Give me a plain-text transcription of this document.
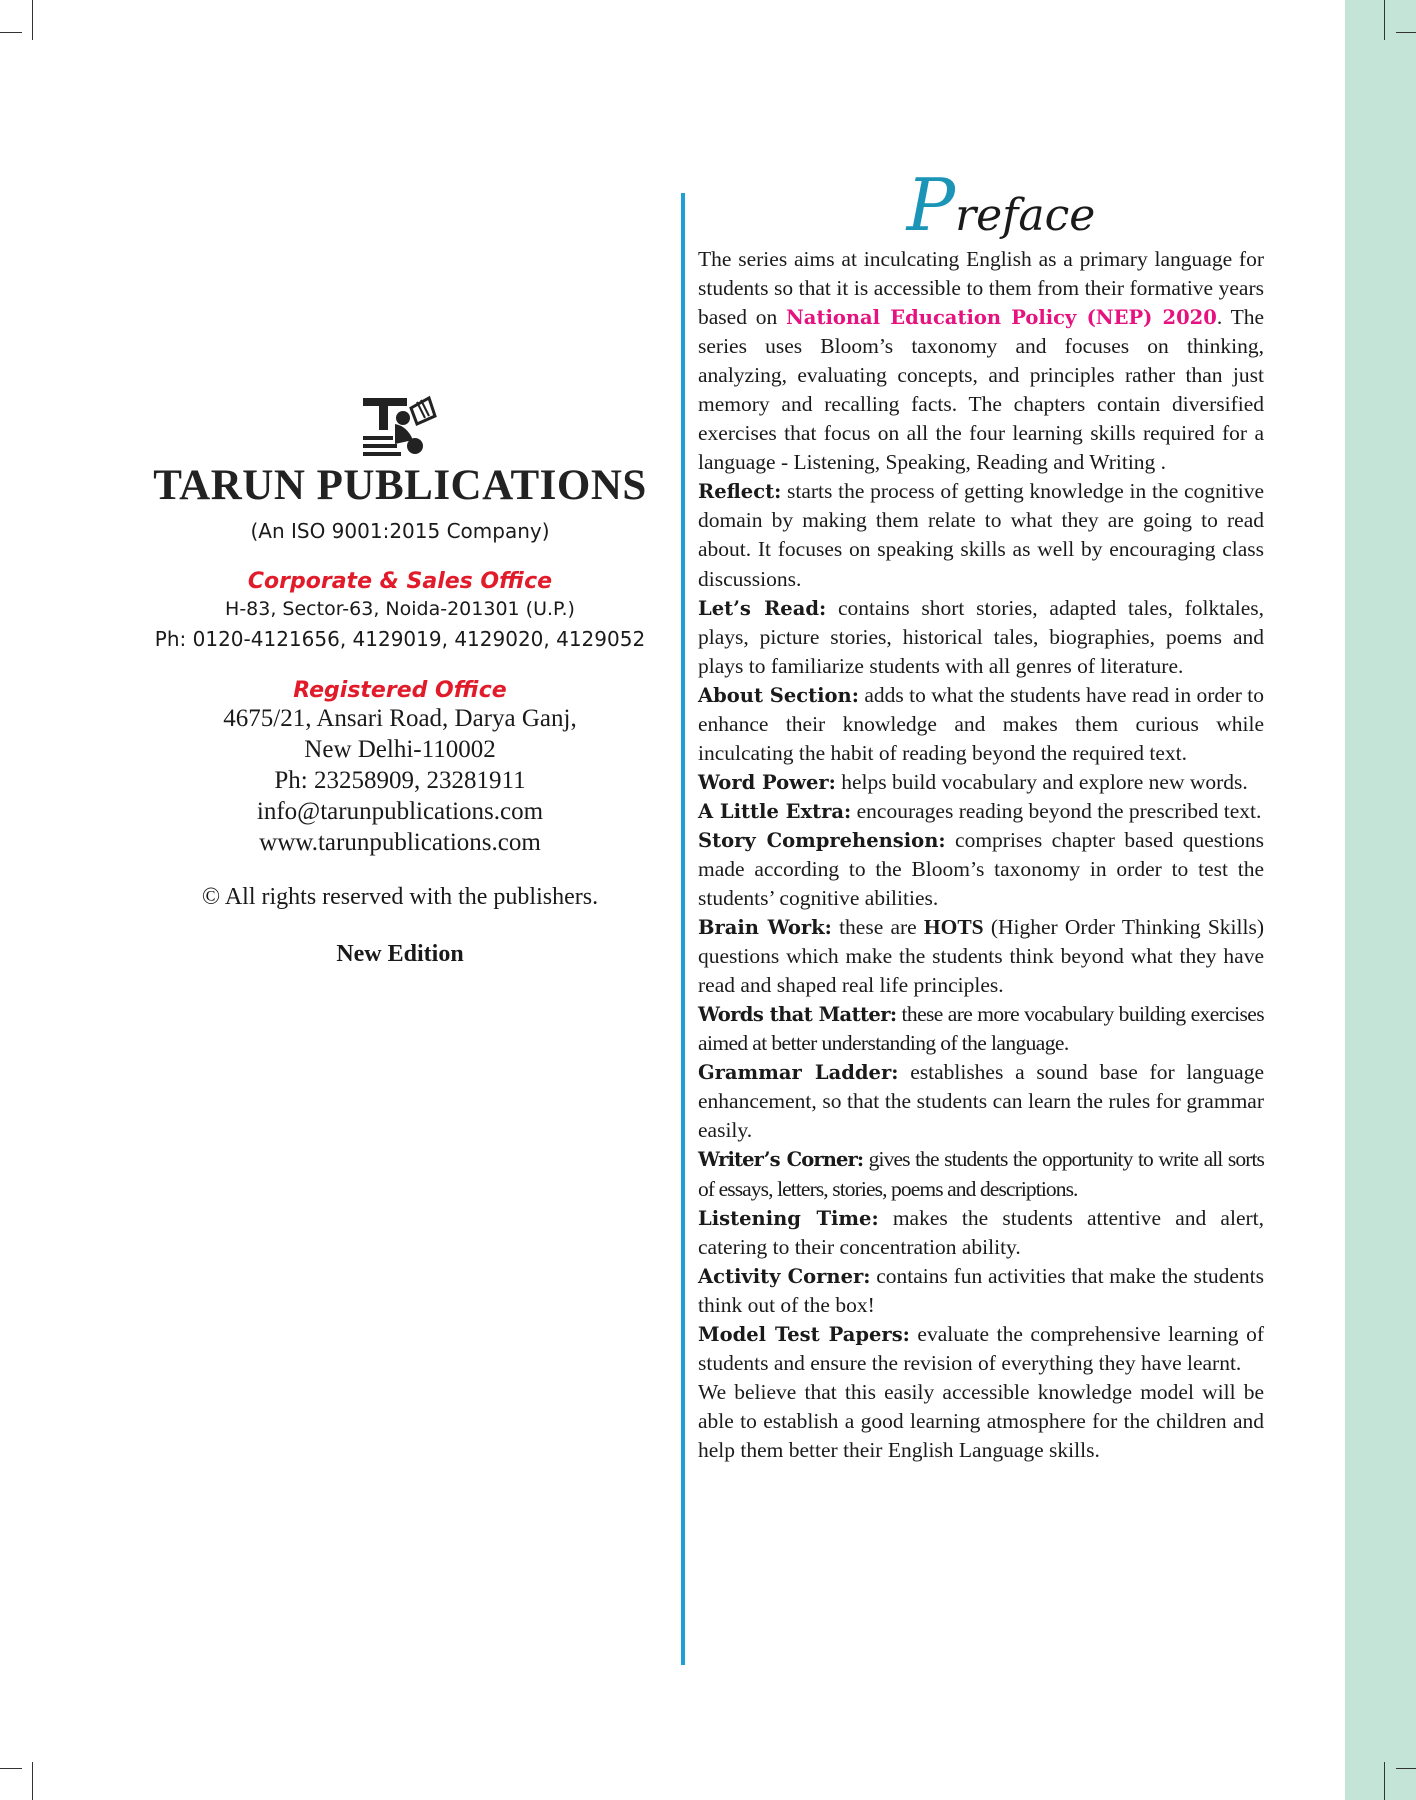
TARUN PUBLICATIONS
(An ISO 9001:2015 Company)
Corporate & Sales Office
H-83, Sector-63, Noida-201301 (U.P.)
Ph: 0120-4121656, 4129019, 4129020, 4129052
Registered Office
4675/21, Ansari Road, Darya Ganj,
New Delhi-110002
Ph: 23258909, 23281911
info@tarunpublications.com
www.tarunpublications.com
© All rights reserved with the publishers.
New Edition
Preface

The series aims at inculcating English as a primary language for students so that it is accessible to them from their formative years based on National Education Policy (NEP) 2020. The series uses Bloom’s taxonomy and focuses on thinking, analyzing, evaluating concepts, and principles rather than just memory and recalling facts. The chapters contain diversified exercises that focus on all the four learning skills required for a language - Listening, Speaking, Reading and Writing .

Reflect: starts the process of getting knowledge in the cognitive domain by making them relate to what they are going to read about. It focuses on speaking skills as well by encouraging class discussions.

Let’s Read: contains short stories, adapted tales, folktales, plays, picture stories, historical tales, biographies, poems and plays to familiarize students with all genres of literature.

About Section: adds to what the students have read in order to enhance their knowledge and makes them curious while inculcating the habit of reading beyond the required text.

Word Power: helps build vocabulary and explore new words.

A Little Extra: encourages reading beyond the prescribed text.

Story Comprehension: comprises chapter based questions made according to the Bloom’s taxonomy in order to test the students’ cognitive abilities.

Brain Work: these are HOTS (Higher Order Thinking Skills) questions which make the students think beyond what they have read and shaped real life principles.

Words that Matter: these are more vocabulary building exercises aimed at better understanding of the language.

Grammar Ladder: establishes a sound base for language enhancement, so that the students can learn the rules for grammar easily.

Writer’s Corner: gives the students the opportunity to write all sorts of essays, letters, stories, poems and descriptions.

Listening Time: makes the students attentive and alert, catering to their concentration ability.

Activity Corner: contains fun activities that make the students think out of the box!

Model Test Papers: evaluate the comprehensive learning of students and ensure the revision of everything they have learnt.

We believe that this easily accessible knowledge model will be able to establish a good learning atmosphere for the children and help them better their English Language skills.
